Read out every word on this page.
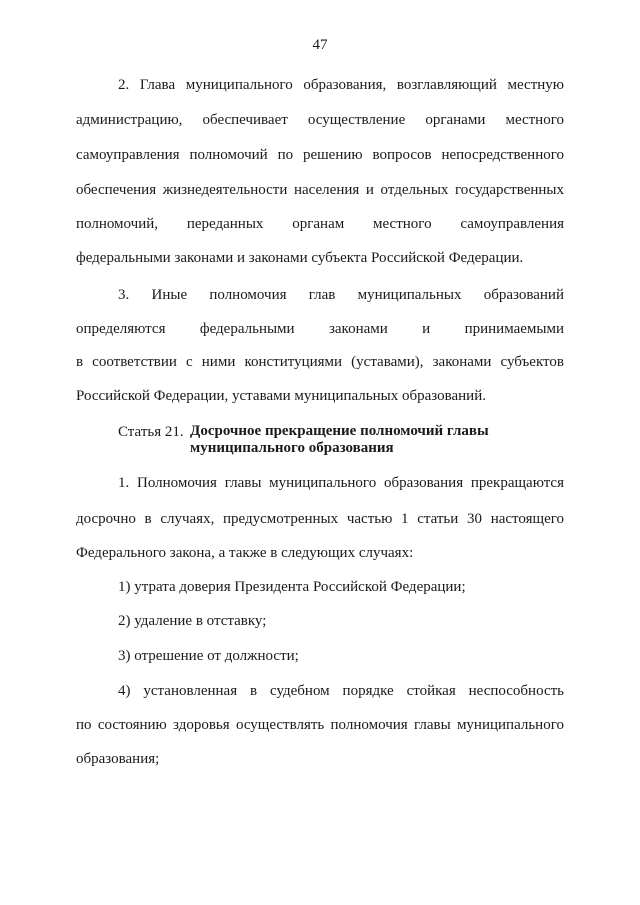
47
2. Глава муниципального образования, возглавляющий местную
администрацию, обеспечивает осуществление органами местного
самоуправления полномочий по решению вопросов непосредственного
обеспечения жизнедеятельности населения и отдельных государственных
полномочий, переданных органам местного самоуправления
федеральными законами и законами субъекта Российской Федерации.
3. Иные полномочия глав муниципальных образований
определяются федеральными законами и принимаемыми
в соответствии с ними конституциями (уставами), законами субъектов
Российской Федерации, уставами муниципальных образований.
Статья 21. Досрочное прекращение полномочий главы
муниципального образования
1. Полномочия главы муниципального образования прекращаются
досрочно в случаях, предусмотренных частью 1 статьи 30 настоящего
Федерального закона, а также в следующих случаях:
1) утрата доверия Президента Российской Федерации;
2) удаление в отставку;
3) отрешение от должности;
4) установленная в судебном порядке стойкая неспособность
по состоянию здоровья осуществлять полномочия главы муниципального
образования;
